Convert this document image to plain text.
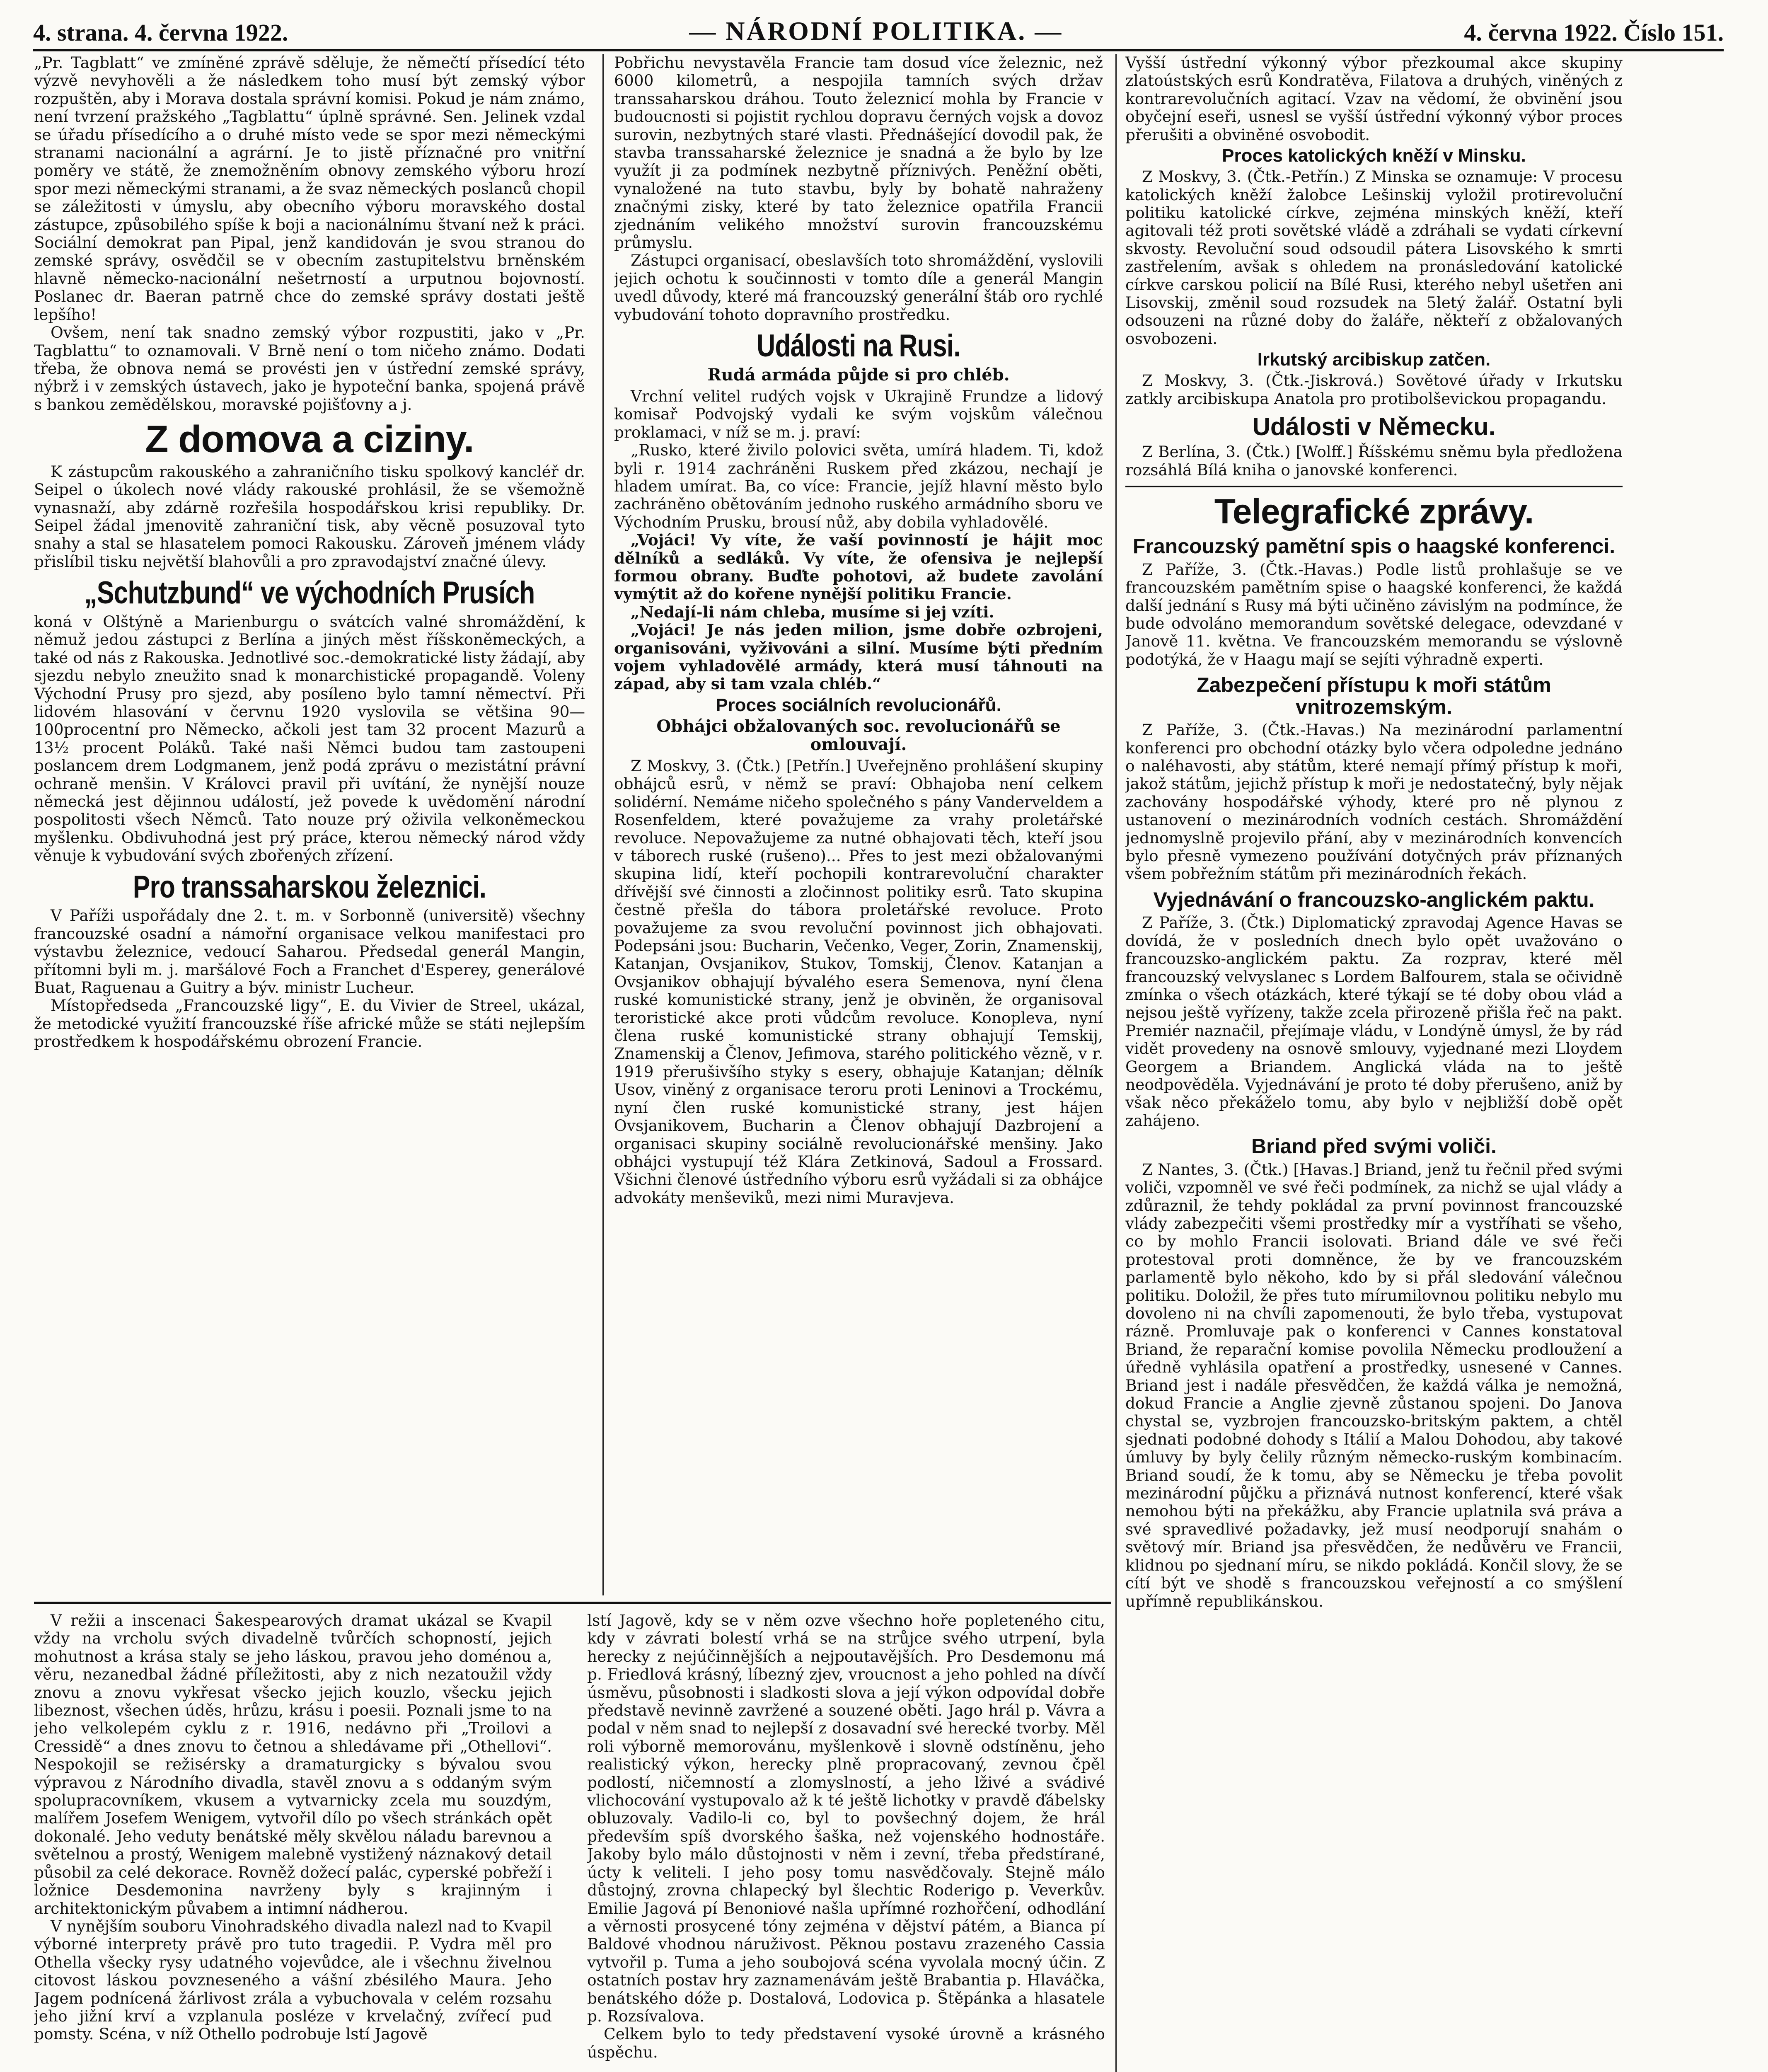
4. strana. 4. června 1922.	— NÁRODNÍ POLITIKA. —	4. června 1922. Číslo 151.

„Pr. Tagblatt“ ve zmíněné zprávě sděluje, že němečtí přísedící této výzvě nevyhověli a že následkem toho musí být zemský výbor rozpuštěn, aby i Morava dostala správní komisi. Pokud je nám známo, není tvrzení pražského „Tagblattu“ úplně správné. Sen. Jelinek vzdal se úřadu přísedícího a o druhé místo vede se spor mezi německými stranami nacionální a agrární. Je to jistě příznačné pro vnitřní poměry ve státě, že znemožněním obnovy zemského výboru hrozí spor mezi německými stranami, a že svaz německých poslanců chopil se záležitosti v úmyslu, aby obecního výboru moravského dostal zástupce, způsobilého spíše k boji a nacionálnímu štvaní než k práci. Sociální demokrat pan Pipal, jenž kandidován je svou stranou do zemské správy, osvědčil se v obecním zastupitelstvu brněnském hlavně německo-nacionální nešetrností a urputnou bojovností. Poslanec dr. Baeran patrně chce do zemské správy dostati ještě lepšího!

Ovšem, není tak snadno zemský výbor rozpustiti, jako v „Pr. Tagblattu“ to oznamovali. V Brně není o tom ničeho známo. Dodati třeba, že obnova nemá se provésti jen v ústřední zemské správy, nýbrž i v zemských ústavech, jako je hypoteční banka, spojená právě s bankou zemědělskou, moravské pojišťovny a j.

Z domova a ciziny.

K zástupcům rakouského a zahraničního tisku spolkový kancléř dr. Seipel o úkolech nové vlády rakouské prohlásil, že se všemožně vynasnaží, aby zdárně rozřešila hospodářskou krisi republiky. Dr. Seipel žádal jmenovitě zahraniční tisk, aby věcně posuzoval tyto snahy a stal se hlasatelem pomoci Rakousku. Zároveň jménem vlády přislíbil tisku největší blahovůli a pro zpravodajství značné úlevy.

„Schutzbund“ ve východních Prusích

koná v Olštýně a Marienburgu o svátcích valné shromáždění, k němuž jedou zástupci z Berlína a jiných měst říšskoněmeckých, a také od nás z Rakouska. Jednotlivé soc.-demokratické listy žádají, aby sjezdu nebylo zneužito snad k monarchistické propagandě. Voleny Východní Prusy pro sjezd, aby posíleno bylo tamní němectví. Při lidovém hlasování v červnu 1920 vyslovila se většina 90—100procentní pro Německo, ačkoli jest tam 32 procent Mazurů a 13½ procent Poláků. Také naši Němci budou tam zastoupeni poslancem drem Lodgmanem, jenž podá zprávu o mezistátní právní ochraně menšin. V Královci pravil při uvítání, že nynější nouze německá jest dějinnou událostí, jež povede k uvědomění národní pospolitosti všech Němců. Tato nouze prý oživila velkoněmeckou myšlenku. Obdivuhodná jest prý práce, kterou německý národ vždy věnuje k vybudování svých zbořených zřízení.

Pro transsaharskou železnici.

V Paříži uspořádaly dne 2. t. m. v Sorbonně (universitě) všechny francouzské osadní a námořní organisace velkou manifestaci pro výstavbu železnice, vedoucí Saharou. Předsedal generál Mangin, přítomni byli m. j. maršálové Foch a Franchet d'Esperey, generálové Buat, Raguenau a Guitry a býv. ministr Lucheur.

Místopředseda „Francouzské ligy“, E. du Vivier de Streel, ukázal, že metodické využití francouzské říše africké může se státi nejlepším prostředkem k hospodářskému obrození Francie.

Pobřichu nevystavěla Francie tam dosud více železnic, než 6000 kilometrů, a nespojila tamních svých držav transsaharskou dráhou. Touto železnicí mohla by Francie v budoucnosti si pojistit rychlou dopravu černých vojsk a dovoz surovin, nezbytných staré vlasti. Přednášející dovodil pak, že stavba transsaharské železnice je snadná a že bylo by lze využít ji za podmínek nezbytně příznivých. Peněžní oběti, vynaložené na tuto stavbu, byly by bohatě nahraženy značnými zisky, které by tato železnice opatřila Francii zjednáním velikého množství surovin francouzskému průmyslu.

Zástupci organisací, obeslavších toto shromáždění, vyslovili jejich ochotu k součinnosti v tomto díle a generál Mangin uvedl důvody, které má francouzský generální štáb oro rychlé vybudování tohoto dopravního prostředku.

Události na Rusi.
Rudá armáda půjde si pro chléb.

Vrchní velitel rudých vojsk v Ukrajině Frundze a lidový komisař Podvojský vydali ke svým vojskům válečnou proklamaci, v níž se m. j. praví:

„Rusko, které živilo polovici světa, umírá hladem. Ti, kdož byli r. 1914 zachráněni Ruskem před zkázou, nechají je hladem umírat. Ba, co více: Francie, jejíž hlavní město bylo zachráněno obětováním jednoho ruského armádního sboru ve Východním Prusku, brousí nůž, aby dobila vyhladovělé.

„Vojáci! Vy víte, že vaší povinností je hájit moc dělníků a sedláků. Vy víte, že ofensiva je nejlepší formou obrany. Buďte pohotovi, až budete zavolání vymýtit až do kořene nynější politiku Francie.

„Nedají-li nám chleba, musíme si jej vzíti.

„Vojáci! Je nás jeden milion, jsme dobře ozbrojeni, organisováni, vyživováni a silní. Musíme býti předním vojem vyhladovělé armády, která musí táhnouti na západ, aby si tam vzala chléb.“

Proces sociálních revolucionářů.
Obhájci obžalovaných soc. revolucionářů se omlouvají.

Z Moskvy, 3. (Čtk.) [Petřín.] Uveřejněno prohlášení skupiny obhájců esrů, v němž se praví: Obhajoba není celkem solidérní. Nemáme ničeho společného s pány Vanderveldem a Rosenfeldem, které považujeme za vrahy proletářské revoluce. Nepovažujeme za nutné obhajovati těch, kteří jsou v táborech ruské (rušeno)... Přes to jest mezi obžalovanými skupina lidí, kteří pochopili kontrarevoluční charakter dřívější své činnosti a zločinnost politiky esrů. Tato skupina čestně přešla do tábora proletářské revoluce. Proto považujeme za svou revoluční povinnost jich obhajovati. Podepsáni jsou: Bucharin, Večenko, Veger, Zorin, Znamenskij, Katanjan, Ovsjanikov, Stukov, Tomskij, Členov. Katanjan a Ovsjanikov obhajují bývalého esera Semenova, nyní člena ruské komunistické strany, jenž je obviněn, že organisoval teroristické akce proti vůdcům revoluce. Konopleva, nyní člena ruské komunistické strany obhajují Temskij, Znamenskij a Členov, Jefimova, starého politického vězně, v r. 1919 přerušivšího styky s esery, obhajuje Katanjan; dělník Usov, viněný z organisace teroru proti Leninovi a Trockému, nyní člen ruské komunistické strany, jest hájen Ovsjanikovem, Bucharin a Členov obhajují Dazbrojení a organisaci skupiny sociálně revolucionářské menšiny. Jako obhájci vystupují též Klára Zetkinová, Sadoul a Frossard. Všichni členové ústředního výboru esrů vyžádali si za obhájce advokáty menševiků, mezi nimi Muravjeva.

Vyšší ústřední výkonný výbor přezkoumal akce skupiny zlatoústských esrů Kondratěva, Filatova a druhých, viněných z kontrarevolučních agitací. Vzav na vědomí, že obvinění jsou obyčejní eseři, usnesl se vyšší ústřední výkonný výbor proces přerušiti a obviněné osvobodit.

Proces katolických kněží v Minsku.

Z Moskvy, 3. (Čtk.-Petřín.) Z Minska se oznamuje: V procesu katolických kněží žalobce Lešinskij vyložil protirevoluční politiku katolické církve, zejména minských kněží, kteří agitovali též proti sovětské vládě a zdráhali se vydati církevní skvosty. Revoluční soud odsoudil pátera Lisovského k smrti zastřelením, avšak s ohledem na pronásledování katolické církve carskou policií na Bílé Rusi, kterého nebyl ušetřen ani Lisovskij, změnil soud rozsudek na 5letý žalář. Ostatní byli odsouzeni na různé doby do žaláře, někteří z obžalovaných osvobozeni.

Irkutský arcibiskup zatčen.

Z Moskvy, 3. (Čtk.-Jiskrová.) Sovětové úřady v Irkutsku zatkly arcibiskupa Anatola pro protibolševickou propagandu.

Události v Německu.

Z Berlína, 3. (Čtk.) [Wolff.] Říšskému sněmu byla předložena rozsáhlá Bílá kniha o janovské konferenci.

Telegrafické zprávy.
Francouzský pamětní spis o haagské konferenci.

Z Paříže, 3. (Čtk.-Havas.) Podle listů prohlašuje se ve francouzském pamětním spise o haagské konferenci, že každá další jednání s Rusy má býti učiněno závislým na podmínce, že bude odvoláno memorandum sovětské delegace, odevzdané v Janově 11. května. Ve francouzském memorandu se výslovně podotýká, že v Haagu mají se sejíti výhradně experti.

Zabezpečení přístupu k moři státům vnitrozemským.

Z Paříže, 3. (Čtk.-Havas.) Na mezinárodní parlamentní konferenci pro obchodní otázky bylo včera odpoledne jednáno o naléhavosti, aby státům, které nemají přímý přístup k moři, jakož státům, jejichž přístup k moři je nedostatečný, byly nějak zachovány hospodářské výhody, které pro ně plynou z ustanovení o mezinárodních vodních cestách. Shromáždění jednomyslně projevilo přání, aby v mezinárodních konvencích bylo přesně vymezeno používání dotyčných práv příznaných všem pobřežním státům při mezinárodních řekách.

Vyjednávání o francouzsko-anglickém paktu.

Z Paříže, 3. (Čtk.) Diplomatický zpravodaj Agence Havas se dovídá, že v posledních dnech bylo opět uvažováno o francouzsko-anglickém paktu. Za rozprav, které měl francouzský velvyslanec s Lordem Balfourem, stala se očividně zmínka o všech otázkách, které týkají se té doby obou vlád a nejsou ještě vyřízeny, takže zcela přirozeně přišla řeč na pakt. Premiér naznačil, přejímaje vládu, v Londýně úmysl, že by rád vidět provedeny na osnově smlouvy, vyjednané mezi Lloydem Georgem a Briandem. Anglická vláda na to ještě neodpověděla. Vyjednávání je proto té doby přerušeno, aniž by však něco překáželo tomu, aby bylo v nejbližší době opět zahájeno.

Briand před svými voliči.

Z Nantes, 3. (Čtk.) [Havas.] Briand, jenž tu řečnil před svými voliči, vzpomněl ve své řeči podmínek, za nichž se ujal vlády a zdůraznil, že tehdy pokládal za první povinnost francouzské vlády zabezpečiti všemi prostředky mír a vystříhati se všeho, co by mohlo Francii isolovati. Briand dále ve své řeči protestoval proti domněnce, že by ve francouzském parlamentě bylo někoho, kdo by si přál sledování válečnou politiku. Doložil, že přes tuto mírumilovnou politiku nebylo mu dovoleno ni na chvíli zapomenouti, že bylo třeba, vystupovat rázně. Promluvaje pak o konferenci v Cannes konstatoval Briand, že reparační komise povolila Německu prodloužení a úředně vyhlásila opatření a prostředky, usnesené v Cannes. Briand jest i nadále přesvědčen, že každá válka je nemožná, dokud Francie a Anglie zjevně zůstanou spojeni. Do Janova chystal se, vyzbrojen francouzsko-britským paktem, a chtěl sjednati podobné dohody s Itálií a Malou Dohodou, aby takové úmluvy by byly čelily různým německo-ruským kombinacím. Briand soudí, že k tomu, aby se Německu je třeba povolit mezinárodní půjčku a přiznává nutnost konferencí, které však nemohou býti na překážku, aby Francie uplatnila svá práva a své spravedlivé požadavky, jež musí neodporují snahám o světový mír. Briand jsa přesvědčen, že nedůvěru ve Francii, klidnou po sjednaní míru, se nikdo pokládá. Končil slovy, že se cítí být ve shodě s francouzskou veřejností a co smýšlení upřímně republikánskou.

V režii a inscenaci Šakespearových dramat ukázal se Kvapil vždy na vrcholu svých divadelně tvůrčích schopností, jejich mohutnost a krása staly se jeho láskou, pravou jeho doménou a, věru, nezanedbal žádné příležitosti, aby z nich nezatoužil vždy znovu a znovu vykřesat všecko jejich kouzlo, všecku jejich libeznost, všechen úděs, hrůzu, krásu i poesii. Poznali jsme to na jeho velkolepém cyklu z r. 1916, nedávno při „Troilovi a Cressidě“ a dnes znovu to četnou a shledávame při „Othellovi“. Nespokojil se režisérsky a dramaturgicky s bývalou svou výpravou z Národního divadla, stavěl znovu a s oddaným svým spolupracovníkem, vkusem a vytvarnicky zcela mu souzdým, malířem Josefem Wenigem, vytvořil dílo po všech stránkách opět dokonalé. Jeho veduty benátské měly skvělou náladu barevnou a světelnou a prostý, Wenigem malebně vystižený náznakový detail působil za celé dekorace. Rovněž dožecí palác, cyperské pobřeží i ložnice Desdemonina navrženy byly s krajinným i architektonickým půvabem a intimní nádherou.

V nynějším souboru Vinohradského divadla nalezl nad to Kvapil výborné interprety právě pro tuto tragedii. P. Vydra měl pro Othella všecky rysy udatného vojevůdce, ale i všechnu živelnou citovost láskou povzneseného a vášní zbésilého Maura. Jeho Jagem podnícená žárlivost zrála a vybuchovala v celém rozsahu jeho jižní krví a vzplanula posléze v krvelačný, zvířecí pud pomsty. Scéna, v níž Othello podrobuje lstí Jagově

lstí Jagově, kdy se v něm ozve všechno hoře popleteného citu, kdy v závrati bolestí vrhá se na strůjce svého utrpení, byla herecky z nejúčinnějších a nejpoutavějších. Pro Desdemonu má p. Friedlová krásný, líbezný zjev, vroucnost a jeho pohled na dívčí úsměvu, působnosti i sladkosti slova a její výkon odpovídal dobře představě nevinně zavržené a souzené oběti. Jago hrál p. Vávra a podal v něm snad to nejlepší z dosavadní své herecké tvorby. Měl roli výborně memorovánu, myšlenkově i slovně odstíněnu, jeho realistický výkon, herecky plně propracovaný, zevnou čpěl podlostí, ničemností a zlomyslností, a jeho lživé a svádivé vlichocování vystupovalo až k té ještě lichotky v pravdě ďábelsky obluzovaly. Vadilo-li co, byl to povšechný dojem, že hrál především spíš dvorského šaška, než vojenského hodnostáře. Jakoby bylo málo důstojnosti v něm i zevní, třeba předstírané, úcty k veliteli. I jeho posy tomu nasvědčovaly. Stejně málo důstojný, zrovna chlapecký byl šlechtic Roderigo p. Veverkův. Emilie Jagová pí Benoniové našla upřímné rozhořčení, odhodlání a věrnosti prosycené tóny zejména v dějství pátém, a Bianca pí Baldové vhodnou náruživost. Pěknou postavu zrazeného Cassia vytvořil p. Tuma a jeho soubojová scéna vyvolala mocný účin. Z ostatních postav hry zaznamenávám ještě Brabantia p. Hlaváčka, benátského dóže p. Dostalová, Lodovica p. Štěpánka a hlasatele p. Rozsívalova.

Celkem bylo to tedy představení vysoké úrovně a krásného úspěchu.
